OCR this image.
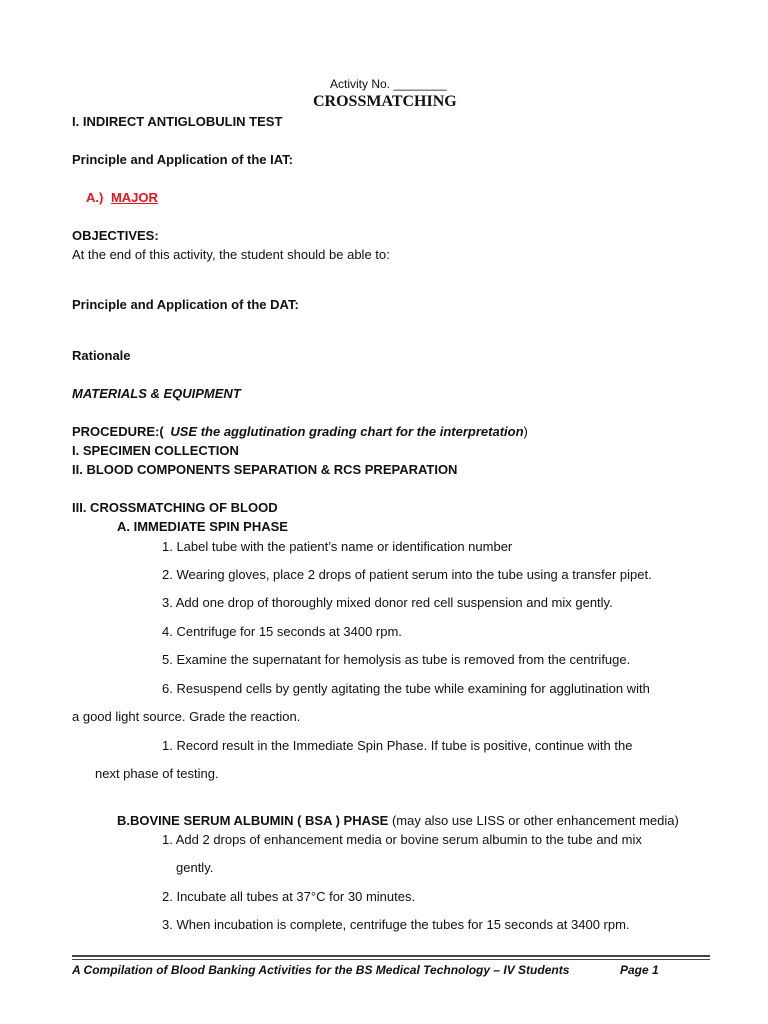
Activity No. ________
CROSSMATCHING
I. INDIRECT ANTIGLOBULIN TEST
Principle and Application of the IAT:
A.) MAJOR
OBJECTIVES:
At the end of this activity, the student should be able to:
Principle and Application of the DAT:
Rationale
MATERIALS & EQUIPMENT
PROCEDURE:( USE the agglutination grading chart for the interpretation)
I. SPECIMEN COLLECTION
II. BLOOD COMPONENTS SEPARATION & RCS PREPARATION
III. CROSSMATCHING OF BLOOD
A. IMMEDIATE SPIN PHASE
1. Label tube with the patient’s name or identification number
2. Wearing gloves, place 2 drops of patient serum into the tube using a transfer pipet.
3. Add one drop of thoroughly mixed donor red cell suspension and mix gently.
4. Centrifuge for 15 seconds at 3400 rpm.
5. Examine the supernatant for hemolysis as tube is removed from the centrifuge.
6. Resuspend cells by gently agitating the tube while examining for agglutination with
a good light source. Grade the reaction.
1. Record result in the Immediate Spin Phase. If tube is positive, continue with the
next phase of testing.
B.BOVINE SERUM ALBUMIN ( BSA ) PHASE (may also use LISS or other enhancement media)
1. Add 2 drops of enhancement media or bovine serum albumin to the tube and mix
gently.
2. Incubate all tubes at 37°C for 30 minutes.
3. When incubation is complete, centrifuge the tubes for 15 seconds at 3400 rpm.
A Compilation of Blood Banking Activities for the BS Medical Technology – IV Students	Page 1
